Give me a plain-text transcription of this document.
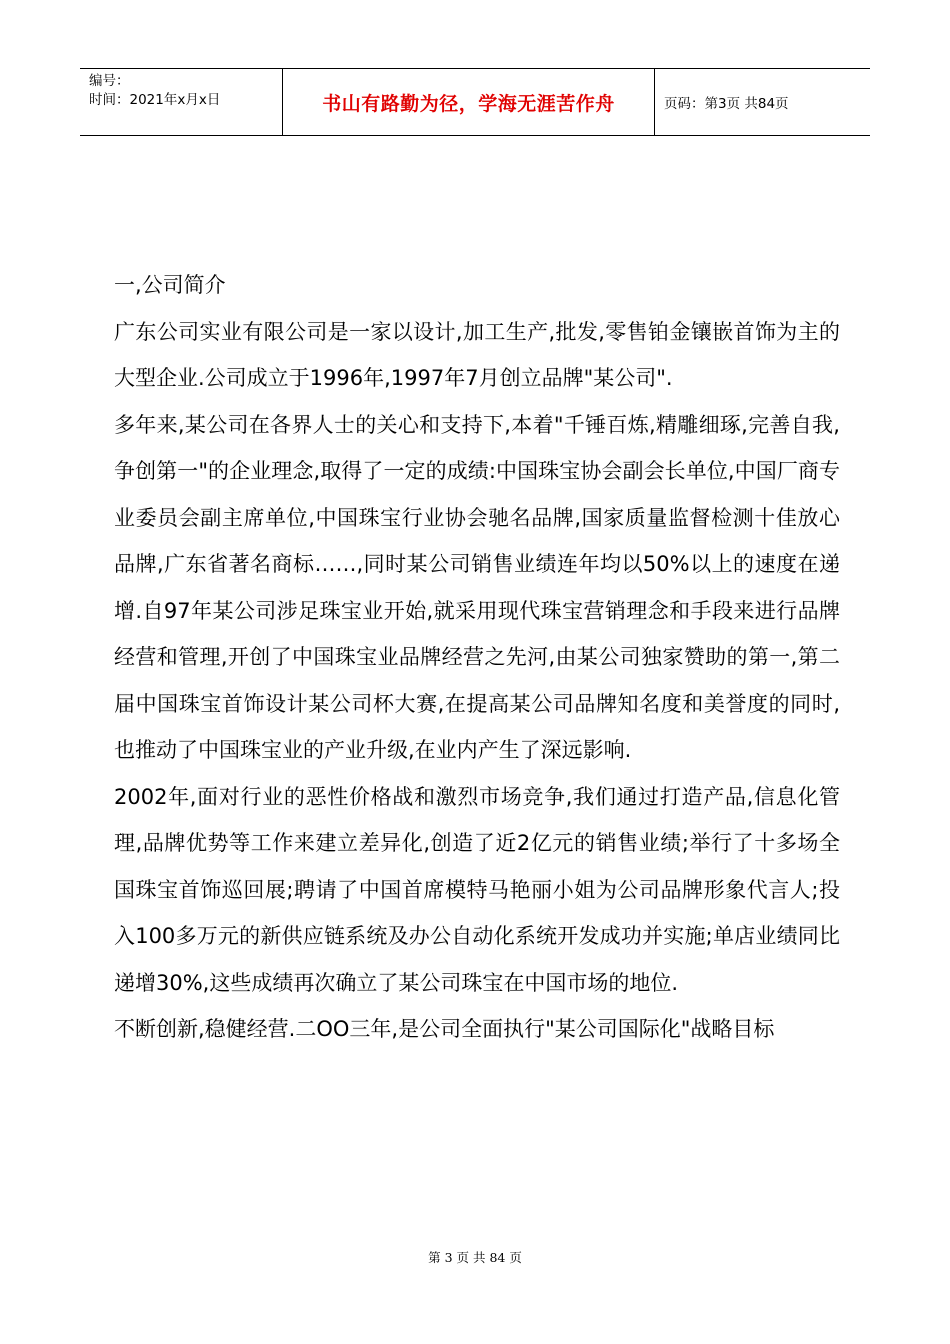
编号：
时间：2021年x月x日	书山有路勤为径，学海无涯苦作舟	页码：第3页 共84页

一,公司简介

广东公司实业有限公司是一家以设计,加工生产,批发,零售铂金镶嵌首饰为主的大型企业.公司成立于1996年,1997年7月创立品牌"某公司".

多年来,某公司在各界人士的关心和支持下,本着"千锤百炼,精雕细琢,完善自我,争创第一"的企业理念,取得了一定的成绩:中国珠宝协会副会长单位,中国厂商专业委员会副主席单位,中国珠宝行业协会驰名品牌,国家质量监督检测十佳放心品牌,广东省著名商标……,同时某公司销售业绩连年均以50%以上的速度在递增.自97年某公司涉足珠宝业开始,就采用现代珠宝营销理念和手段来进行品牌经营和管理,开创了中国珠宝业品牌经营之先河,由某公司独家赞助的第一,第二届中国珠宝首饰设计某公司杯大赛,在提高某公司品牌知名度和美誉度的同时,也推动了中国珠宝业的产业升级,在业内产生了深远影响.

2002年,面对行业的恶性价格战和激烈市场竞争,我们通过打造产品,信息化管理,品牌优势等工作来建立差异化,创造了近2亿元的销售业绩;举行了十多场全国珠宝首饰巡回展;聘请了中国首席模特马艳丽小姐为公司品牌形象代言人;投入100多万元的新供应链系统及办公自动化系统开发成功并实施;单店业绩同比递增30%,这些成绩再次确立了某公司珠宝在中国市场的地位.

不断创新,稳健经营.二OO三年,是公司全面执行"某公司国际化"战略目标

第 3 页 共 84 页
